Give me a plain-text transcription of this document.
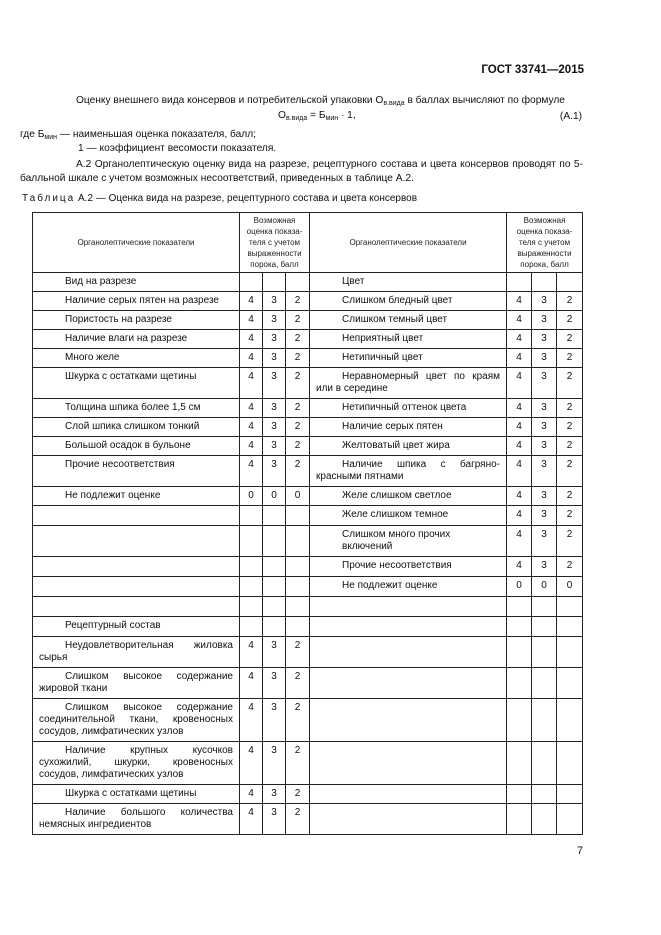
ГОСТ 33741—2015
Оценку внешнего вида консервов и потребительской упаковки $О_{в.вида}$ в баллах вычисляют по формуле
$О_{в.вида} = Б_{мин} \cdot 1$,	(А.1)
где $Б_{мин}$ — наименьшая оценка показателя, балл;
1 — коэффициент весомости показателя.
А.2 Органолептическую оценку вида на разрезе, рецептурного состава и цвета консервов проводят по 5-балльной шкале с учетом возможных несоответствий, приведенных в таблице А.2.
Таблица А.2 — Оценка вида на разрезе, рецептурного состава и цвета консервов
Органолептические показатели	Возможная оценка показа-теля с учетом выраженности порока, балл			Органолептические показатели	Возможная оценка показа-теля с учетом выраженности порока, балл		
Вид на разрезе				Цвет			

Наличие серых пятен на разрезе	4	3	2	Слишком бледный цвет	4	3	2

Пористость на разрезе	4	3	2	Слишком темный цвет	4	3	2

Наличие влаги на разрезе	4	3	2	Неприятный цвет	4	3	2

Много желе	4	3	2	Нетипичный цвет	4	3	2

Шкурка с остатками щетины	4	3	2	Неравномерный цвет по краям или в середине	4	3	2

Толщина шпика более 1,5 см	4	3	2	Нетипичный оттенок цвета	4	3	2

Слой шпика слишком тонкий	4	3	2	Наличие серых пятен	4	3	2

Большой осадок в бульоне	4	3	2	Желтоватый цвет жира	4	3	2

Прочие несоответствия	4	3	2	Наличие шпика с багряно-красными пятнами	4	3	2

Не подлежит оценке	0	0	0	Желе слишком светлое	4	3	2

				Желе слишком темное	4	3	2

				Слишком много прочих включений	4	3	2

				Прочие несоответствия	4	3	2

				Не подлежит оценке	0	0	0

Рецептурный состав				

Неудовлетворительная жиловка сырья	4	3	2	

Слишком высокое содержание жировой ткани	4	3	2	

Слишком высокое содержание соединительной ткани, кровеносных сосудов, лимфатических узлов	4	3	2	

Наличие крупных кусочков сухожилий, шкурки, кровеносных сосудов, лимфатических узлов	4	3	2	

Шкурка с остатками щетины	4	3	2	

Наличие большого количества немясных ингредиентов	4	3	2	

7
